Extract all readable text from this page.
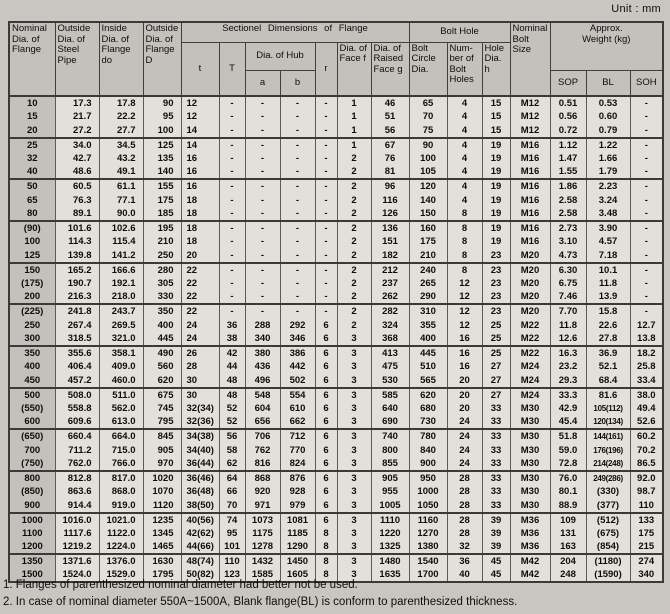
Unit : mm
Nominal Dia. of Flange	Outside Dia. of Steel Pipe	Inside Dia. of Flange do	Outside Dia. of Flange D	Sectionel Dimensions of Flange							Bolt Hole			Nominal Bolt Size	Approx. Weight (kg)		
				t	T	Dia. of Hub		r	Dia. of Face f	Dia. of Raised Face g	Bolt Circle Dia.	Num-ber of Bolt Holes	Hole Dia. h				
						a	b								SOP	BL	SOH
10	17.3	17.8	90	12	-	-	-	-	1	46	65	4	15	M12	0.51	0.53	-
15	21.7	22.2	95	12	-	-	-	-	1	51	70	4	15	M12	0.56	0.60	-
20	27.2	27.7	100	14	-	-	-	-	1	56	75	4	15	M12	0.72	0.79	-
25	34.0	34.5	125	14	-	-	-	-	1	67	90	4	19	M16	1.12	1.22	-
32	42.7	43.2	135	16	-	-	-	-	2	76	100	4	19	M16	1.47	1.66	-
40	48.6	49.1	140	16	-	-	-	-	2	81	105	4	19	M16	1.55	1.79	-
50	60.5	61.1	155	16	-	-	-	-	2	96	120	4	19	M16	1.86	2.23	-
65	76.3	77.1	175	18	-	-	-	-	2	116	140	4	19	M16	2.58	3.24	-
80	89.1	90.0	185	18	-	-	-	-	2	126	150	8	19	M16	2.58	3.48	-
(90)	101.6	102.6	195	18	-	-	-	-	2	136	160	8	19	M16	2.73	3.90	-
100	114.3	115.4	210	18	-	-	-	-	2	151	175	8	19	M16	3.10	4.57	-
125	139.8	141.2	250	20	-	-	-	-	2	182	210	8	23	M20	4.73	7.18	-
150	165.2	166.6	280	22	-	-	-	-	2	212	240	8	23	M20	6.30	10.1	-
(175)	190.7	192.1	305	22	-	-	-	-	2	237	265	12	23	M20	6.75	11.8	-
200	216.3	218.0	330	22	-	-	-	-	2	262	290	12	23	M20	7.46	13.9	-
(225)	241.8	243.7	350	22	-	-	-	-	2	282	310	12	23	M20	7.70	15.8	-
250	267.4	269.5	400	24	36	288	292	6	2	324	355	12	25	M22	11.8	22.6	12.7
300	318.5	321.0	445	24	38	340	346	6	3	368	400	16	25	M22	12.6	27.8	13.8
350	355.6	358.1	490	26	42	380	386	6	3	413	445	16	25	M22	16.3	36.9	18.2
400	406.4	409.0	560	28	44	436	442	6	3	475	510	16	27	M24	23.2	52.1	25.8
450	457.2	460.0	620	30	48	496	502	6	3	530	565	20	27	M24	29.3	68.4	33.4
500	508.0	511.0	675	30	48	548	554	6	3	585	620	20	27	M24	33.3	81.6	38.0
(550)	558.8	562.0	745	32(34)	52	604	610	6	3	640	680	20	33	M30	42.9	105(112)	49.4
600	609.6	613.0	795	32(36)	52	656	662	6	3	690	730	24	33	M30	45.4	120(134)	52.6
(650)	660.4	664.0	845	34(38)	56	706	712	6	3	740	780	24	33	M30	51.8	144(161)	60.2
700	711.2	715.0	905	34(40)	58	762	770	6	3	800	840	24	33	M30	59.0	176(196)	70.2
(750)	762.0	766.0	970	36(44)	62	816	824	6	3	855	900	24	33	M30	72.8	214(248)	86.5
800	812.8	817.0	1020	36(46)	64	868	876	6	3	905	950	28	33	M30	76.0	249(286)	92.0
(850)	863.6	868.0	1070	36(48)	66	920	928	6	3	955	1000	28	33	M30	80.1	(330)	98.7
900	914.4	919.0	1120	38(50)	70	971	979	6	3	1005	1050	28	33	M30	88.9	(377)	110
1000	1016.0	1021.0	1235	40(56)	74	1073	1081	6	3	1110	1160	28	39	M36	109	(512)	133
1100	1117.6	1122.0	1345	42(62)	95	1175	1185	8	3	1220	1270	28	39	M36	131	(675)	175
1200	1219.2	1224.0	1465	44(66)	101	1278	1290	8	3	1325	1380	32	39	M36	163	(854)	215
1350	1371.6	1376.0	1630	48(74)	110	1432	1450	8	3	1480	1540	36	45	M42	204	(1180)	274
1500	1524.0	1529.0	1795	50(82)	123	1585	1605	8	3	1635	1700	40	45	M42	248	(1590)	340
1. Flanges of parenthesized nominal diameter had better not be used.
2. In case of nominal diameter 550A~1500A, Blank flange(BL) is conform to parenthesized thickness.
